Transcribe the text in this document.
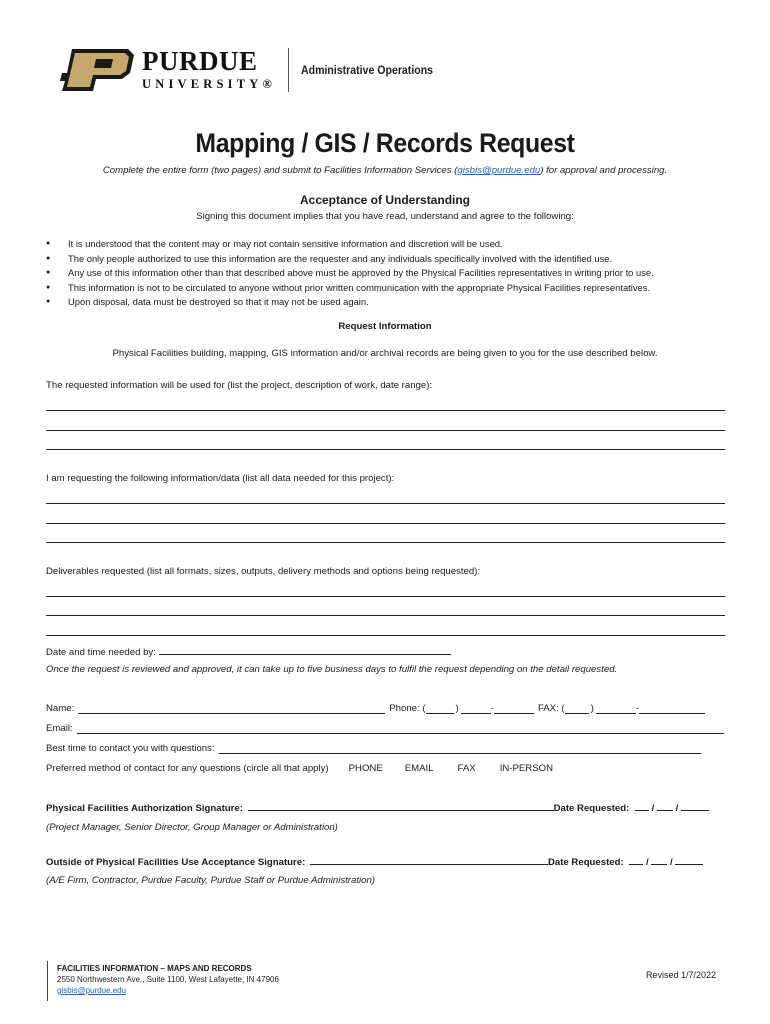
PURDUE
UNIVERSITY®
Administrative Operations
Mapping / GIS / Records Request
Complete the entire form (two pages) and submit to Facilities Information Services (gisbis@purdue.edu) for approval and processing.
Acceptance of Understanding
Signing this document implies that you have read, understand and agree to the following:
● It is understood that the content may or may not contain sensitive information and discretion will be used.
● The only people authorized to use this information are the requester and any individuals specifically involved with the identified use.
● Any use of this information other than that described above must be approved by the Physical Facilities representatives in writing prior to use.
● This information is not to be circulated to anyone without prior written communication with the appropriate Physical Facilities representatives.
● Upon disposal, data must be destroyed so that it may not be used again.
Request Information
Physical Facilities building, mapping, GIS information and/or archival records are being given to you for the use described below.
The requested information will be used for (list the project, description of work, date range):
I am requesting the following information/data (list all data needed for this project):
Deliverables requested (list all formats, sizes, outputs, delivery methods and options being requested):
Date and time needed by:
Once the request is reviewed and approved, it can take up to five business days to fulfil the request depending on the detail requested.
Name:	Phone: (	)	-	FAX: (	)	-
Email:
Best time to contact you with questions:
Preferred method of contact for any questions (circle all that apply) PHONE EMAIL	FAX	IN-PERSON
Physical Facilities Authorization Signature:	Date Requested: / /
(Project Manager, Senior Director, Group Manager or Administration)
Outside of Physical Facilities Use Acceptance Signature:	Date Requested: / /
(A/E Firm, Contractor, Purdue Faculty, Purdue Staff or Purdue Administration)
FACILITIES INFORMATION – MAPS AND RECORDS
2550 Northwestern Ave., Suite 1100, West Lafayette, IN 47906
gisbis@purdue.edu
Revised 1/7/2022
